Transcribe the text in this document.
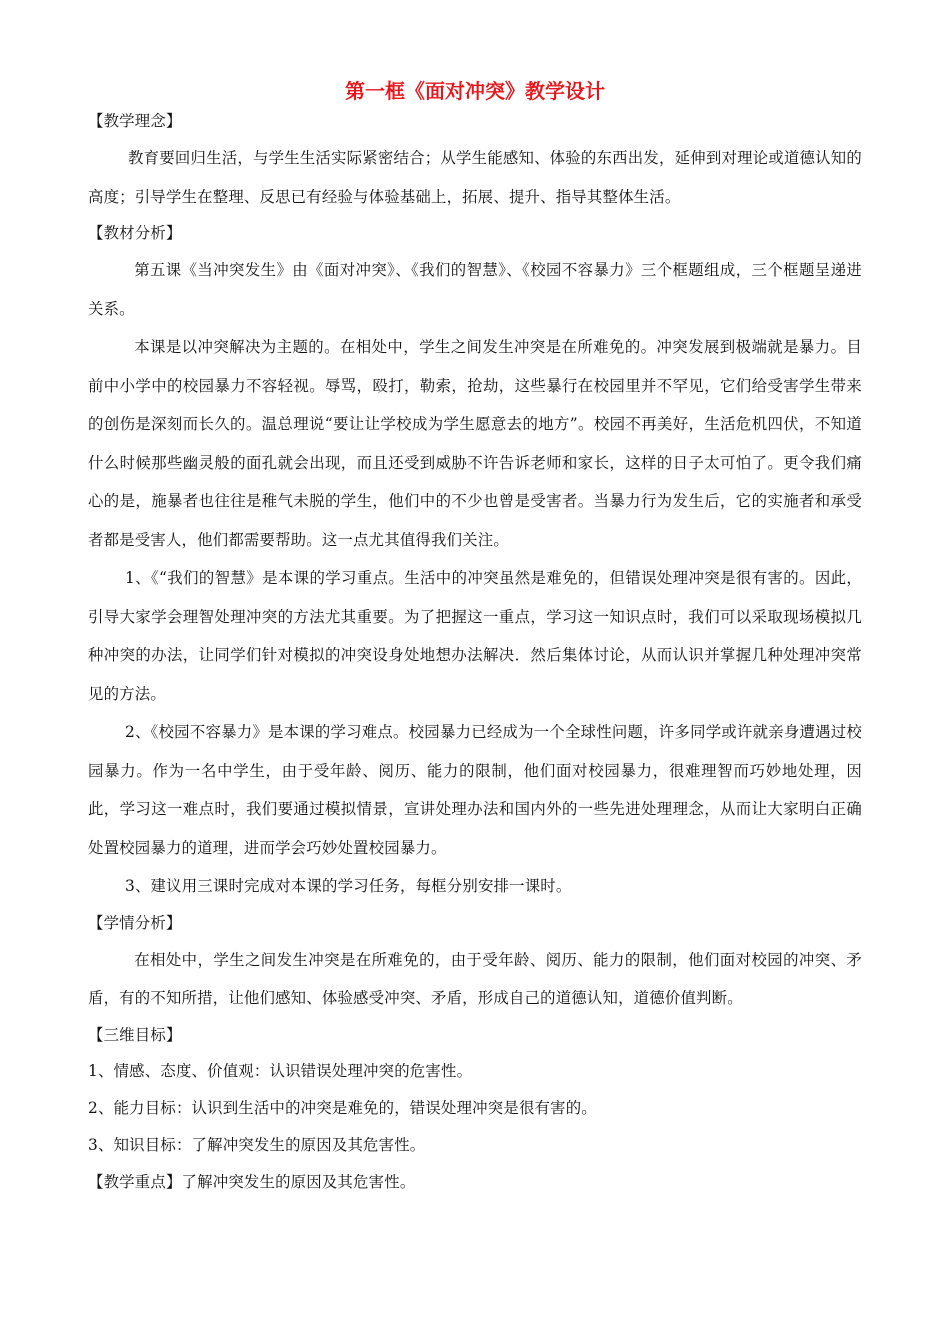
第一框《面对冲突》教学设计

【教学理念】

教育要回归生活，与学生生活实际紧密结合；从学生能感知、体验的东西出发，延伸到对理论或道德认知的高度；引导学生在整理、反思已有经验与体验基础上，拓展、提升、指导其整体生活。

【教材分析】

第五课《当冲突发生》由《面对冲突》、《我们的智慧》、《校园不容暴力》三个框题组成，三个框题呈递进关系。

本课是以冲突解决为主题的。在相处中，学生之间发生冲突是在所难免的。冲突发展到极端就是暴力。目前中小学中的校园暴力不容轻视。辱骂，殴打，勒索，抢劫，这些暴行在校园里并不罕见，它们给受害学生带来的创伤是深刻而长久的。温总理说“要让让学校成为学生愿意去的地方”。校园不再美好，生活危机四伏，不知道什么时候那些幽灵般的面孔就会出现，而且还受到威胁不许告诉老师和家长，这样的日子太可怕了。更令我们痛心的是，施暴者也往往是稚气未脱的学生，他们中的不少也曾是受害者。当暴力行为发生后，它的实施者和承受者都是受害人，他们都需要帮助。这一点尤其值得我们关注。

1、《“我们的智慧》是本课的学习重点。生活中的冲突虽然是难免的，但错误处理冲突是很有害的。因此，引导大家学会理智处理冲突的方法尤其重要。为了把握这一重点，学习这一知识点时，我们可以采取现场模拟几种冲突的办法，让同学们针对模拟的冲突设身处地想办法解决．然后集体讨论，从而认识并掌握几种处理冲突常见的方法。

2、《校园不容暴力》是本课的学习难点。校园暴力已经成为一个全球性问题，许多同学或许就亲身遭遇过校园暴力。作为一名中学生，由于受年龄、阅历、能力的限制，他们面对校园暴力，很难理智而巧妙地处理，因此，学习这一难点时，我们要通过模拟情景，宣讲处理办法和国内外的一些先进处理理念，从而让大家明白正确处置校园暴力的道理，进而学会巧妙处置校园暴力。

3、建议用三课时完成对本课的学习任务，每框分别安排一课时。

【学情分析】

在相处中，学生之间发生冲突是在所难免的，由于受年龄、阅历、能力的限制，他们面对校园的冲突、矛盾，有的不知所措，让他们感知、体验感受冲突、矛盾，形成自己的道德认知，道德价值判断。

【三维目标】

1、情感、态度、价值观：认识错误处理冲突的危害性。

2、能力目标：认识到生活中的冲突是难免的，错误处理冲突是很有害的。

3、知识目标：了解冲突发生的原因及其危害性。

【教学重点】了解冲突发生的原因及其危害性。
